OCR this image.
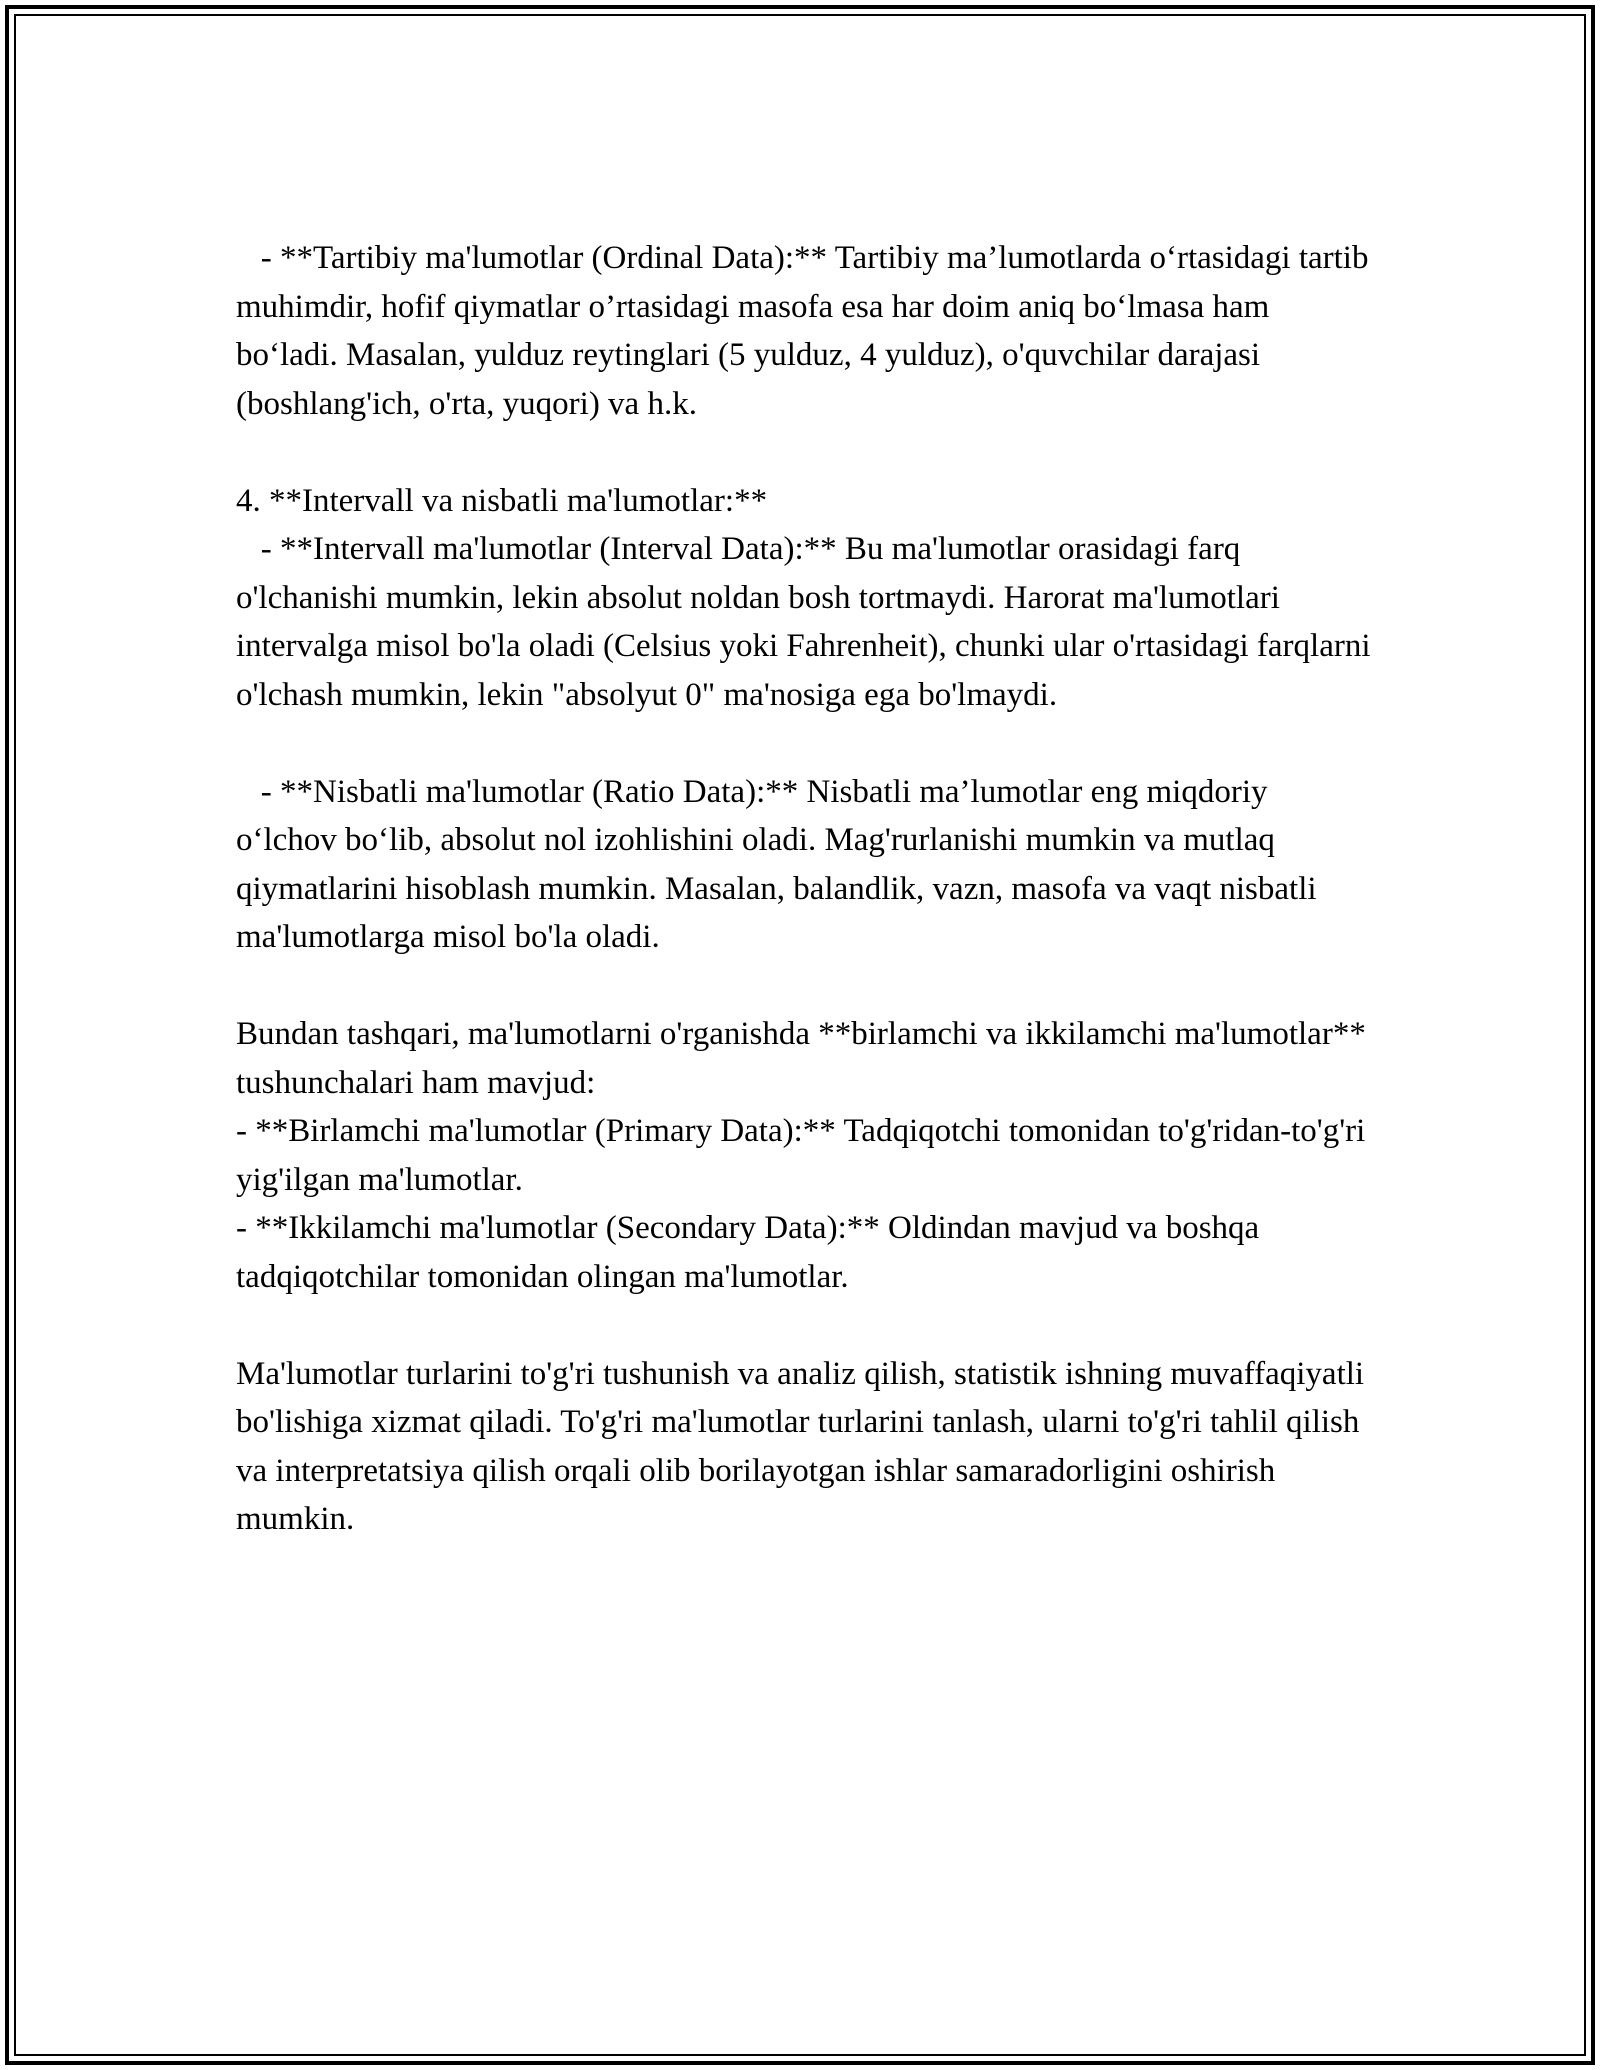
- **Tartibiy ma'lumotlar (Ordinal Data):** Tartibiy ma’lumotlarda o‘rtasidagi tartib muhimdir, hofif qiymatlar o’rtasidagi masofa esa har doim aniq bo‘lmasa ham bo‘ladi. Masalan, yulduz reytinglari (5 yulduz, 4 yulduz), o'quvchilar darajasi (boshlang'ich, o'rta, yuqori) va h.k.

4. **Intervall va nisbatli ma'lumotlar:**
- **Intervall ma'lumotlar (Interval Data):** Bu ma'lumotlar orasidagi farq o'lchanishi mumkin, lekin absolut noldan bosh tortmaydi. Harorat ma'lumotlari intervalga misol bo'la oladi (Celsius yoki Fahrenheit), chunki ular o'rtasidagi farqlarni o'lchash mumkin, lekin "absolyut 0" ma'nosiga ega bo'lmaydi.

- **Nisbatli ma'lumotlar (Ratio Data):** Nisbatli ma’lumotlar eng miqdoriy o‘lchov bo‘lib, absolut nol izohlishini oladi. Mag'rurlanishi mumkin va mutlaq qiymatlarini hisoblash mumkin. Masalan, balandlik, vazn, masofa va vaqt nisbatli ma'lumotlarga misol bo'la oladi.

Bundan tashqari, ma'lumotlarni o'rganishda **birlamchi va ikkilamchi ma'lumotlar** tushunchalari ham mavjud:
- **Birlamchi ma'lumotlar (Primary Data):** Tadqiqotchi tomonidan to'g'ridan-to'g'ri yig'ilgan ma'lumotlar.
- **Ikkilamchi ma'lumotlar (Secondary Data):** Oldindan mavjud va boshqa tadqiqotchilar tomonidan olingan ma'lumotlar.

Ma'lumotlar turlarini to'g'ri tushunish va analiz qilish, statistik ishning muvaffaqiyatli bo'lishiga xizmat qiladi. To'g'ri ma'lumotlar turlarini tanlash, ularni to'g'ri tahlil qilish va interpretatsiya qilish orqali olib borilayotgan ishlar samaradorligini oshirish mumkin.
